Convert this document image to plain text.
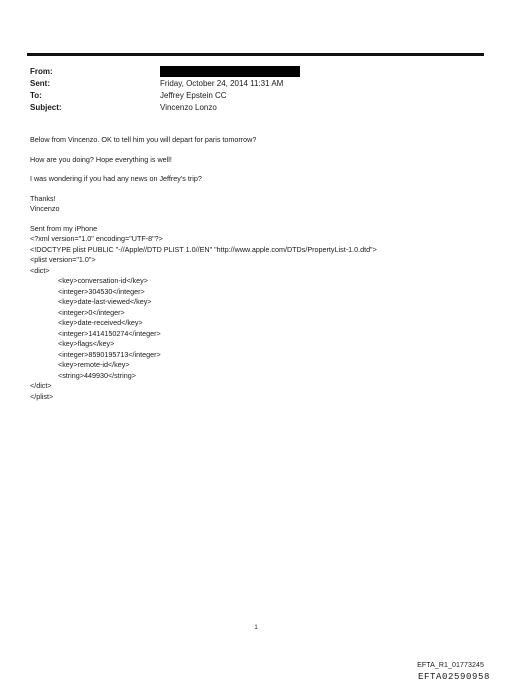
From:
Sent:	Friday, October 24, 2014 11:31 AM
To:	Jeffrey Epstein CC
Subject:	Vincenzo Lonzo

Below from Vincenzo. OK to tell him you will depart for paris tomorrow?

How are you doing? Hope everything is well!

I was wondering if you had any news on Jeffrey's trip?

Thanks!

Vincenzo

Sent from my iPhone

<?xml version="1.0" encoding="UTF-8"?>

<!DOCTYPE plist PUBLIC "-//Apple//DTD PLIST 1.0//EN" "http://www.apple.com/DTDs/PropertyList-1.0.dtd">

<plist version="1.0">

<dict>

<key>conversation-id</key>

<integer>304530</integer>

<key>date-last-viewed</key>

<integer>0</integer>

<key>date-received</key>

<integer>1414150274</integer>

<key>flags</key>

<integer>8590195713</integer>

<key>remote-id</key>

<string>449930</string>

</dict>

</plist>

1
EFTA_R1_01773245
EFTA02590958
